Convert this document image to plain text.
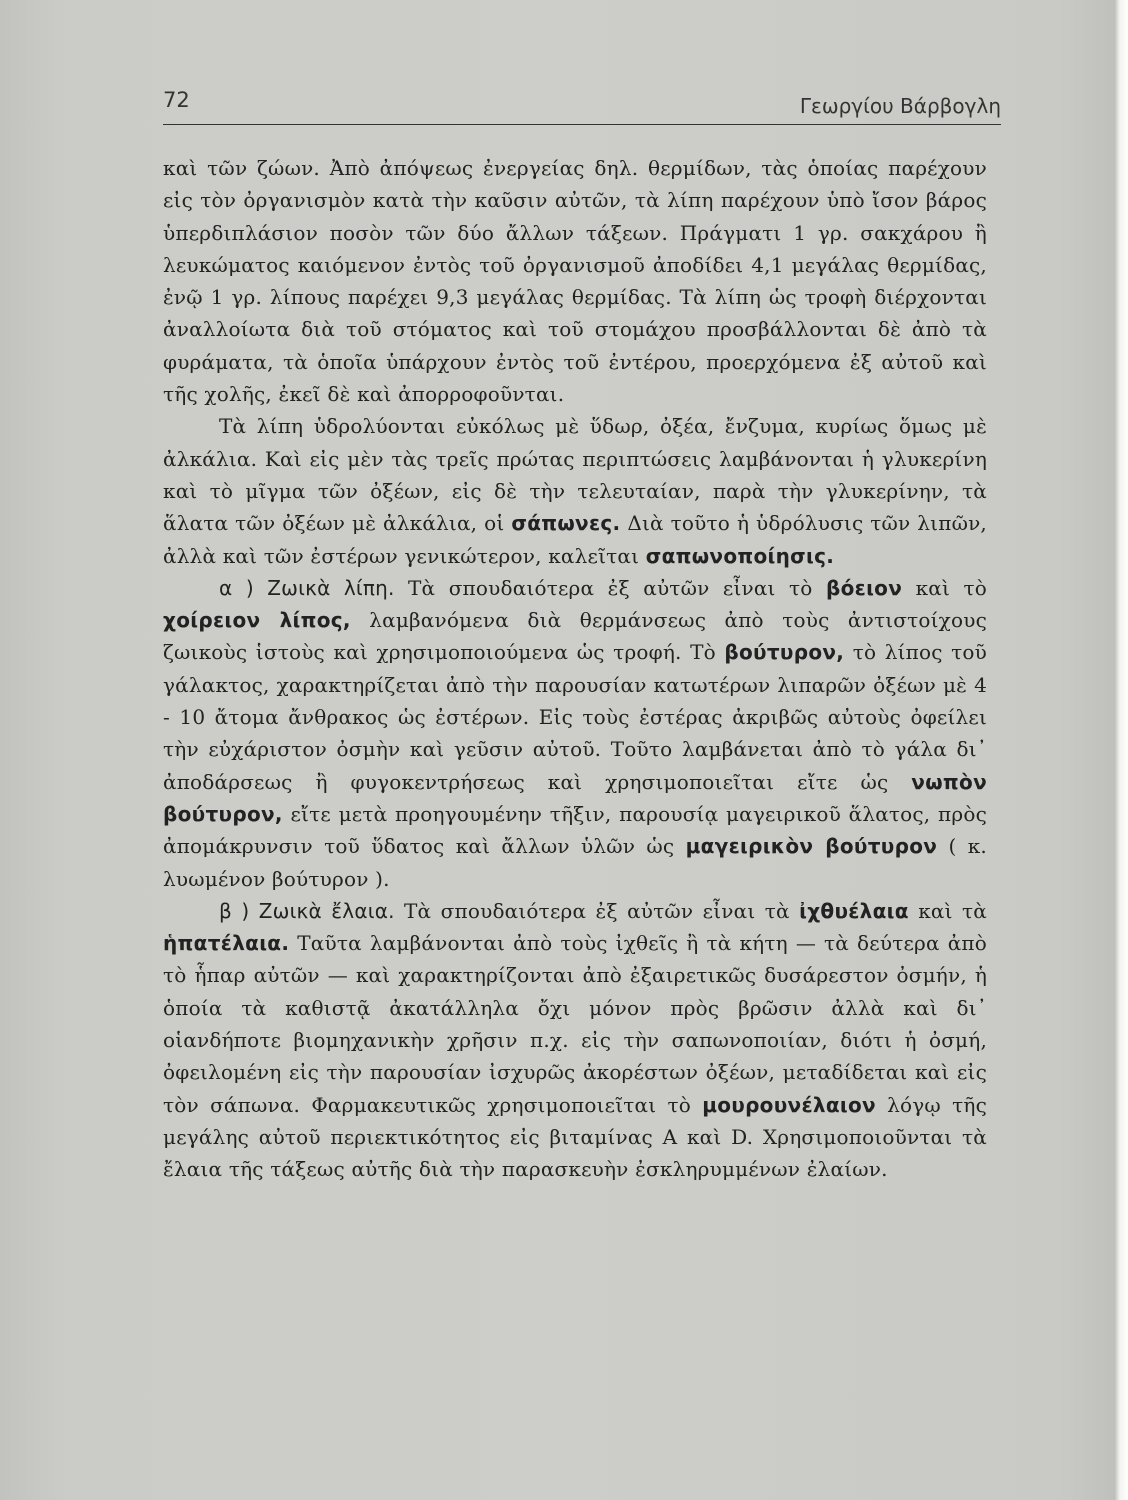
72	Γεωργίου Βάρβογλη

καὶ τῶν ζώων. Ἀπὸ ἀπόψεως ἐνεργείας δηλ. θερμίδων, τὰς ὁποίας παρέχουν εἰς τὸν ὀργανισμὸν κατὰ τὴν καῦσιν αὐτῶν, τὰ λίπη παρέχουν ὑπὸ ἴσον βάρος ὑπερδιπλάσιον ποσὸν τῶν δύο ἄλλων τάξεων. Πράγματι 1 γρ. σακχάρου ἢ λευκώματος καιόμενον ἐντὸς τοῦ ὀργανισμοῦ ἀποδίδει 4,1 μεγάλας θερμίδας, ἐνῷ 1 γρ. λίπους παρέχει 9,3 μεγάλας θερμίδας. Τὰ λίπη ὡς τροφὴ διέρχονται ἀναλλοίωτα διὰ τοῦ στόματος καὶ τοῦ στομάχου προσβάλλονται δὲ ἀπὸ τὰ φυράματα, τὰ ὁποῖα ὑπάρχουν ἐντὸς τοῦ ἐντέρου, προερχόμενα ἐξ αὐτοῦ καὶ τῆς χολῆς, ἐκεῖ δὲ καὶ ἀπορροφοῦνται.

Τὰ λίπη ὑδρολύονται εὐκόλως μὲ ὕδωρ, ὀξέα, ἔνζυμα, κυρίως ὅμως μὲ ἀλκάλια. Καὶ εἰς μὲν τὰς τρεῖς πρώτας περιπτώσεις λαμβάνονται ἡ γλυκερίνη καὶ τὸ μῖγμα τῶν ὀξέων, εἰς δὲ τὴν τελευταίαν, παρὰ τὴν γλυκερίνην, τὰ ἅλατα τῶν ὀξέων μὲ ἀλκάλια, οἱ σάπωνες. Διὰ τοῦτο ἡ ὑδρόλυσις τῶν λιπῶν, ἀλλὰ καὶ τῶν ἐστέρων γενικώτερον, καλεῖται σαπωνοποίησις.

α ) Ζωικὰ λίπη. Τὰ σπουδαιότερα ἐξ αὐτῶν εἶναι τὸ βόειον καὶ τὸ χοίρειον λίπος, λαμβανόμενα διὰ θερμάνσεως ἀπὸ τοὺς ἀντιστοίχους ζωικοὺς ἱστοὺς καὶ χρησιμοποιούμενα ὡς τροφή. Τὸ βούτυρον, τὸ λίπος τοῦ γάλακτος, χαρακτηρίζεται ἀπὸ τὴν παρουσίαν κατωτέρων λιπαρῶν ὀξέων μὲ 4 - 10 ἄτομα ἄνθρακος ὡς ἐστέρων. Εἰς τοὺς ἐστέρας ἀκριβῶς αὐτοὺς ὀφείλει τὴν εὐχάριστον ὀσμὴν καὶ γεῦσιν αὐτοῦ. Τοῦτο λαμβάνεται ἀπὸ τὸ γάλα δι᾽ ἀποδάρσεως ἢ φυγοκεντρήσεως καὶ χρησιμοποιεῖται εἴτε ὡς νωπὸν βούτυρον, εἴτε μετὰ προηγουμένην τῆξιν, παρουσίᾳ μαγειρικοῦ ἅλατος, πρὸς ἀπομάκρυνσιν τοῦ ὕδατος καὶ ἄλλων ὑλῶν ὡς μαγειρικὸν βούτυρον ( κ. λυωμένον βούτυρον ).

β ) Ζωικὰ ἔλαια. Τὰ σπουδαιότερα ἐξ αὐτῶν εἶναι τὰ ἰχθυέλαια καὶ τὰ ἡπατέλαια. Ταῦτα λαμβάνονται ἀπὸ τοὺς ἰχθεῖς ἢ τὰ κήτη — τὰ δεύτερα ἀπὸ τὸ ἧπαρ αὐτῶν — καὶ χαρακτηρίζονται ἀπὸ ἐξαιρετικῶς δυσάρεστον ὀσμήν, ἡ ὁποία τὰ καθιστᾷ ἀκατάλληλα ὄχι μόνον πρὸς βρῶσιν ἀλλὰ καὶ δι᾽ οἱανδήποτε βιομηχανικὴν χρῆσιν π.χ. εἰς τὴν σαπωνοποιίαν, διότι ἡ ὀσμή, ὀφειλομένη εἰς τὴν παρουσίαν ἰσχυρῶς ἀκορέστων ὀξέων, μεταδίδεται καὶ εἰς τὸν σάπωνα. Φαρμακευτικῶς χρησιμοποιεῖται τὸ μουρουνέλαιον λόγῳ τῆς μεγάλης αὐτοῦ περιεκτικότητος εἰς βιταμίνας Α καὶ D. Χρησιμοποιοῦνται τὰ ἔλαια τῆς τάξεως αὐτῆς διὰ τὴν παρασκευὴν ἐσκληρυμμένων ἐλαίων.
